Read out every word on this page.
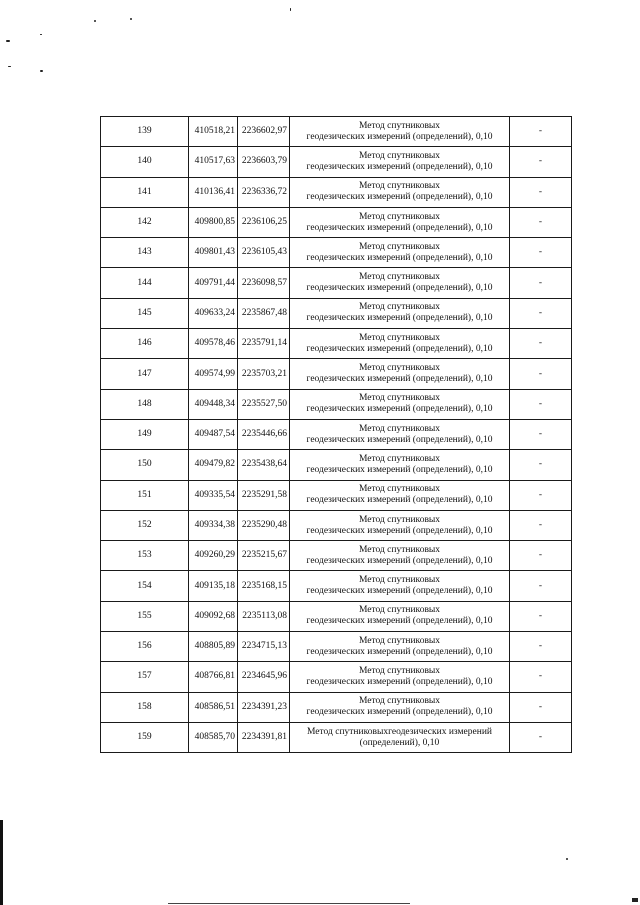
139	410518,21	2236602,97	Метод спутниковых
геодезических измерений (определений), 0,10	-
140	410517,63	2236603,79	Метод спутниковых
геодезических измерений (определений), 0,10	-
141	410136,41	2236336,72	Метод спутниковых
геодезических измерений (определений), 0,10	-
142	409800,85	2236106,25	Метод спутниковых
геодезических измерений (определений), 0,10	-
143	409801,43	2236105,43	Метод спутниковых
геодезических измерений (определений), 0,10	-
144	409791,44	2236098,57	Метод спутниковых
геодезических измерений (определений), 0,10	-
145	409633,24	2235867,48	Метод спутниковых
геодезических измерений (определений), 0,10	-
146	409578,46	2235791,14	Метод спутниковых
геодезических измерений (определений), 0,10	-
147	409574,99	2235703,21	Метод спутниковых
геодезических измерений (определений), 0,10	-
148	409448,34	2235527,50	Метод спутниковых
геодезических измерений (определений), 0,10	-
149	409487,54	2235446,66	Метод спутниковых
геодезических измерений (определений), 0,10	-
150	409479,82	2235438,64	Метод спутниковых
геодезических измерений (определений), 0,10	-
151	409335,54	2235291,58	Метод спутниковых
геодезических измерений (определений), 0,10	-
152	409334,38	2235290,48	Метод спутниковых
геодезических измерений (определений), 0,10	-
153	409260,29	2235215,67	Метод спутниковых
геодезических измерений (определений), 0,10	-
154	409135,18	2235168,15	Метод спутниковых
геодезических измерений (определений), 0,10	-
155	409092,68	2235113,08	Метод спутниковых
геодезических измерений (определений), 0,10	-
156	408805,89	2234715,13	Метод спутниковых
геодезических измерений (определений), 0,10	-
157	408766,81	2234645,96	Метод спутниковых
геодезических измерений (определений), 0,10	-
158	408586,51	2234391,23	Метод спутниковых
геодезических измерений (определений), 0,10	-
159	408585,70	2234391,81	Метод спутниковыхгеодезических измерений
(определений), 0,10	-
